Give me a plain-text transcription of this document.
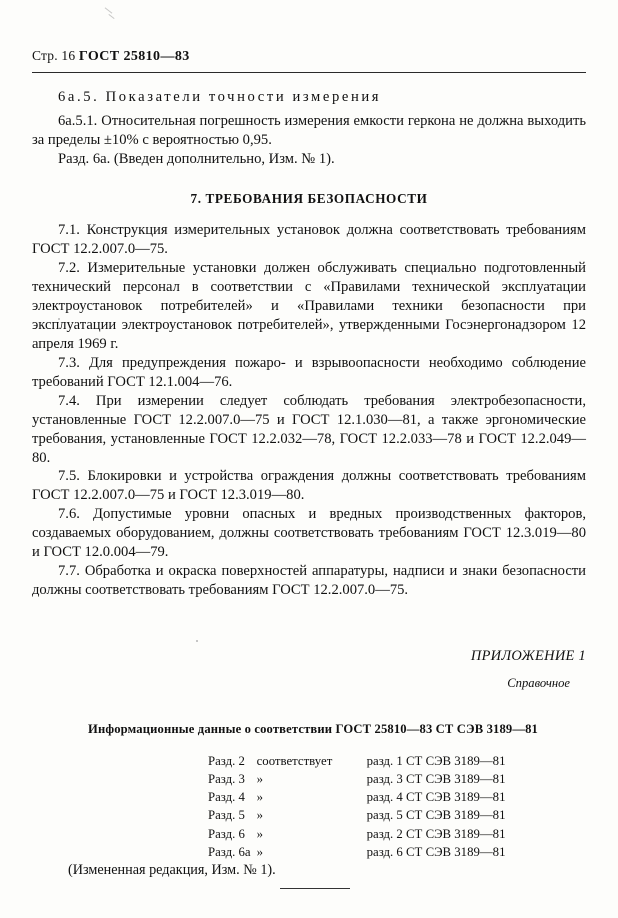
Стр. 16 ГОСТ 25810—83

6а.5. Показатели точности измерения

6а.5.1. Относительная погрешность измерения емкости геркона не должна выходить за пределы ±10% с вероятностью 0,95.

Разд. 6а. (Введен дополнительно, Изм. № 1).

7. ТРЕБОВАНИЯ БЕЗОПАСНОСТИ

7.1. Конструкция измерительных установок должна соответствовать требованиям ГОСТ 12.2.007.0—75.

7.2. Измерительные установки должен обслуживать специально подготовленный технический персонал в соответствии с «Правилами технической эксплуатации электроустановок потребителей» и «Правилами техники безопасности при эксплуатации электроустановок потребителей», утвержденными Госэнергонадзором 12 апреля 1969 г.

7.3. Для предупреждения пожаро- и взрывоопасности необходимо соблюдение требований ГОСТ 12.1.004—76.

7.4. При измерении следует соблюдать требования электробезопасности, установленные ГОСТ 12.2.007.0—75 и ГОСТ 12.1.030—81, а также эргономические требования, установленные ГОСТ 12.2.032—78, ГОСТ 12.2.033—78 и ГОСТ 12.2.049—80.

7.5. Блокировки и устройства ограждения должны соответствовать требованиям ГОСТ 12.2.007.0—75 и ГОСТ 12.3.019—80.

7.6. Допустимые уровни опасных и вредных производственных факторов, создаваемых оборудованием, должны соответствовать требованиям ГОСТ 12.3.019—80 и ГОСТ 12.0.004—79.

7.7. Обработка и окраска поверхностей аппаратуры, надписи и знаки безопасности должны соответствовать требованиям ГОСТ 12.2.007.0—75.

ПРИЛОЖЕНИЕ 1
Справочное
Информационные данные о соответствии ГОСТ 25810—83 СТ СЭВ 3189—81
Разд. 2	соответствует	разд. 1 СТ СЭВ 3189—81
Разд. 3	»	разд. 3 СТ СЭВ 3189—81
Разд. 4	»	разд. 4 СТ СЭВ 3189—81
Разд. 5	»	разд. 5 СТ СЭВ 3189—81
Разд. 6	»	разд. 2 СТ СЭВ 3189—81
Разд. 6а	»	разд. 6 СТ СЭВ 3189—81
(Измененная редакция, Изм. № 1).
